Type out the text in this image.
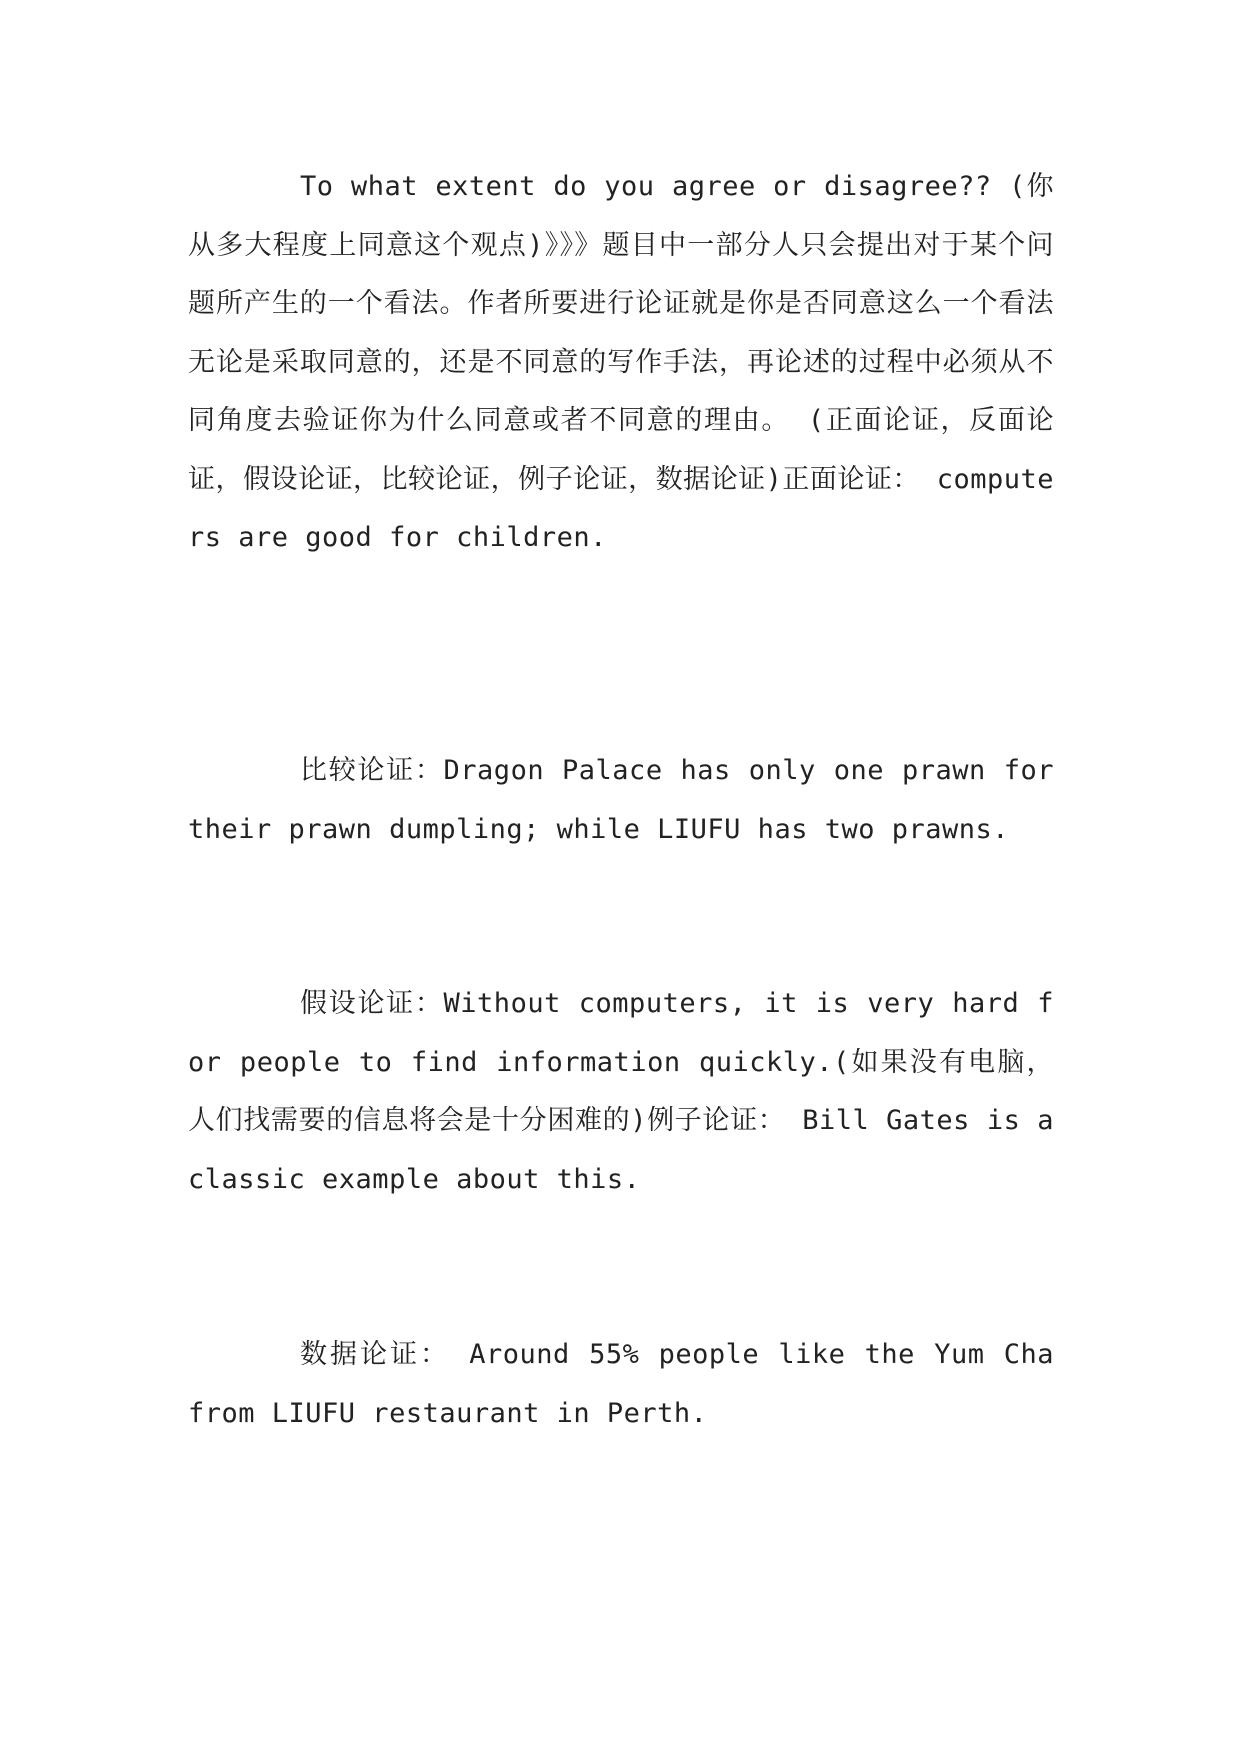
To what extent do you agree or disagree?? (你从多大程度上同意这个观点)》》》题目中一部分人只会提出对于某个问题所产生的一个看法。作者所要进行论证就是你是否同意这么一个看法无论是采取同意的，还是不同意的写作手法，再论述的过程中必须从不同角度去验证你为什么同意或者不同意的理由。 (正面论证，反面论证，假设论证，比较论证，例子论证，数据论证)正面论证： computers are good for children.

比较论证：Dragon Palace has only one prawn for their prawn dumpling; while LIUFU has two prawns.

假设论证：Without computers, it is very hard for people to find information quickly.(如果没有电脑，人们找需要的信息将会是十分困难的)例子论证： Bill Gates is a classic example about this.

数据论证： Around 55% people like the Yum Cha from LIUFU restaurant in Perth.
